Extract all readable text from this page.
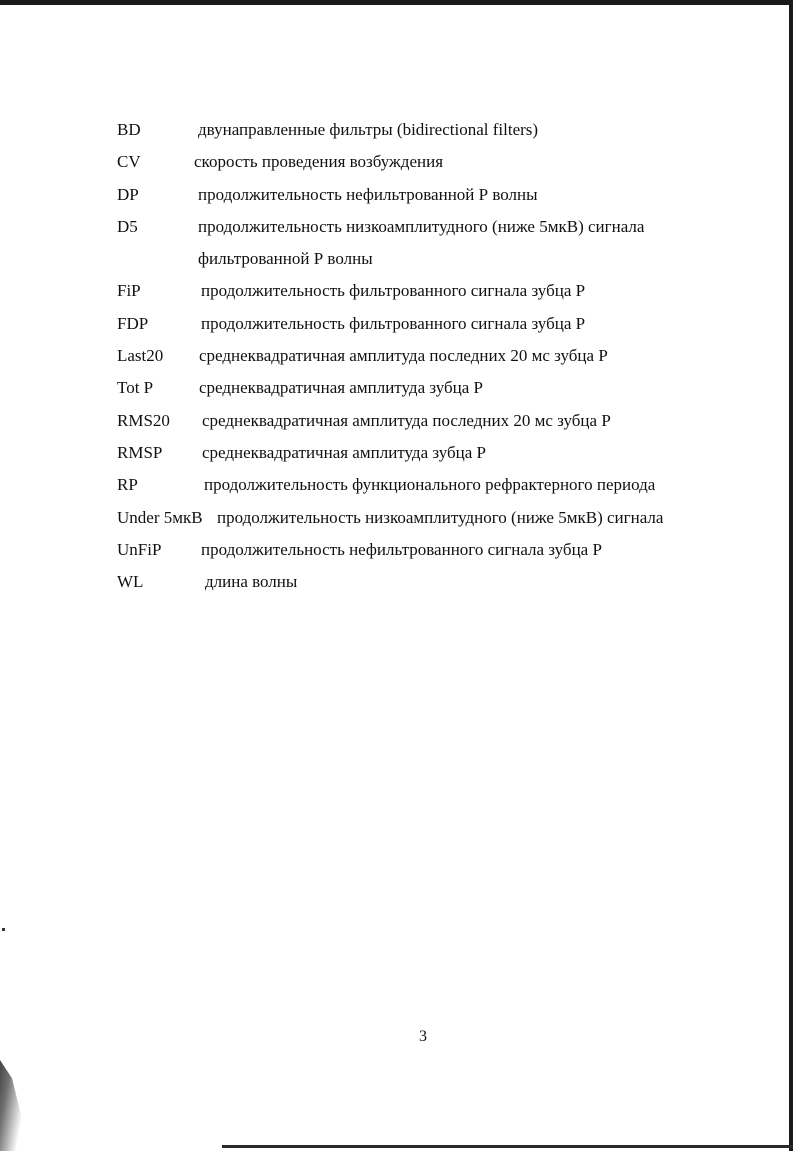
BD	двунаправленные фильтры (bidirectional filters)
CV	скорость проведения возбуждения
DP	продолжительность нефильтрованной Р волны
D5	продолжительность низкоамплитудного (ниже 5мкВ) сигнала
фильтрованной Р волны
FiP	продолжительность фильтрованного сигнала зубца Р
FDP	продолжительность фильтрованного сигнала зубца Р
Last20 среднеквадратичная амплитуда последних 20 мс зубца Р
Tot P	среднеквадратичная амплитуда зубца Р
RMS20 среднеквадратичная амплитуда последних 20 мс зубца Р
RMSP среднеквадратичная амплитуда зубца Р
RP	продолжительность функционального рефрактерного периода
Under 5мкВ продолжительность низкоамплитудного (ниже 5мкВ) сигнала
UnFiP продолжительность нефильтрованного сигнала зубца Р
WL	длина волны
3
